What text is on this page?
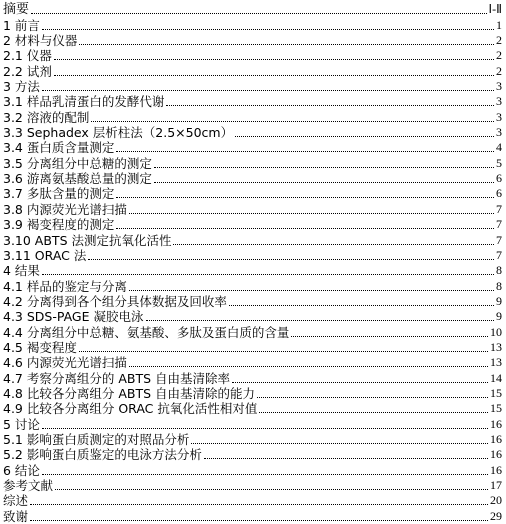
摘要	Ⅰ-Ⅱ
1 前言	1
2 材料与仪器	2
2.1 仪器	2
2.2 试剂	2
3 方法	3
3.1 样品乳清蛋白的发酵代谢	3
3.2 溶液的配制	3
3.3 Sephadex 层析柱法（2.5×50cm）	3
3.4 蛋白质含量测定	4
3.5 分离组分中总糖的测定	5
3.6 游离氨基酸总量的测定	6
3.7 多肽含量的测定	6
3.8 内源荧光光谱扫描	7
3.9 褐变程度的测定	7
3.10 ABTS 法测定抗氧化活性	7
3.11 ORAC 法	7
4 结果	8
4.1 样品的鉴定与分离	8
4.2 分离得到各个组分具体数据及回收率	9
4.3 SDS-PAGE 凝胶电泳	9
4.4 分离组分中总糖、氨基酸、多肽及蛋白质的含量	10
4.5 褐变程度	13
4.6 内源荧光光谱扫描	13
4.7 考察分离组分的 ABTS 自由基清除率	14
4.8 比较各分离组分 ABTS 自由基清除的能力	15
4.9 比较各分离组分 ORAC 抗氧化活性相对值	15
5 讨论	16
5.1 影响蛋白质测定的对照品分析	16
5.2 影响蛋白质鉴定的电泳方法分析	16
6 结论	16
参考文献	17
综述	20
致谢	29
